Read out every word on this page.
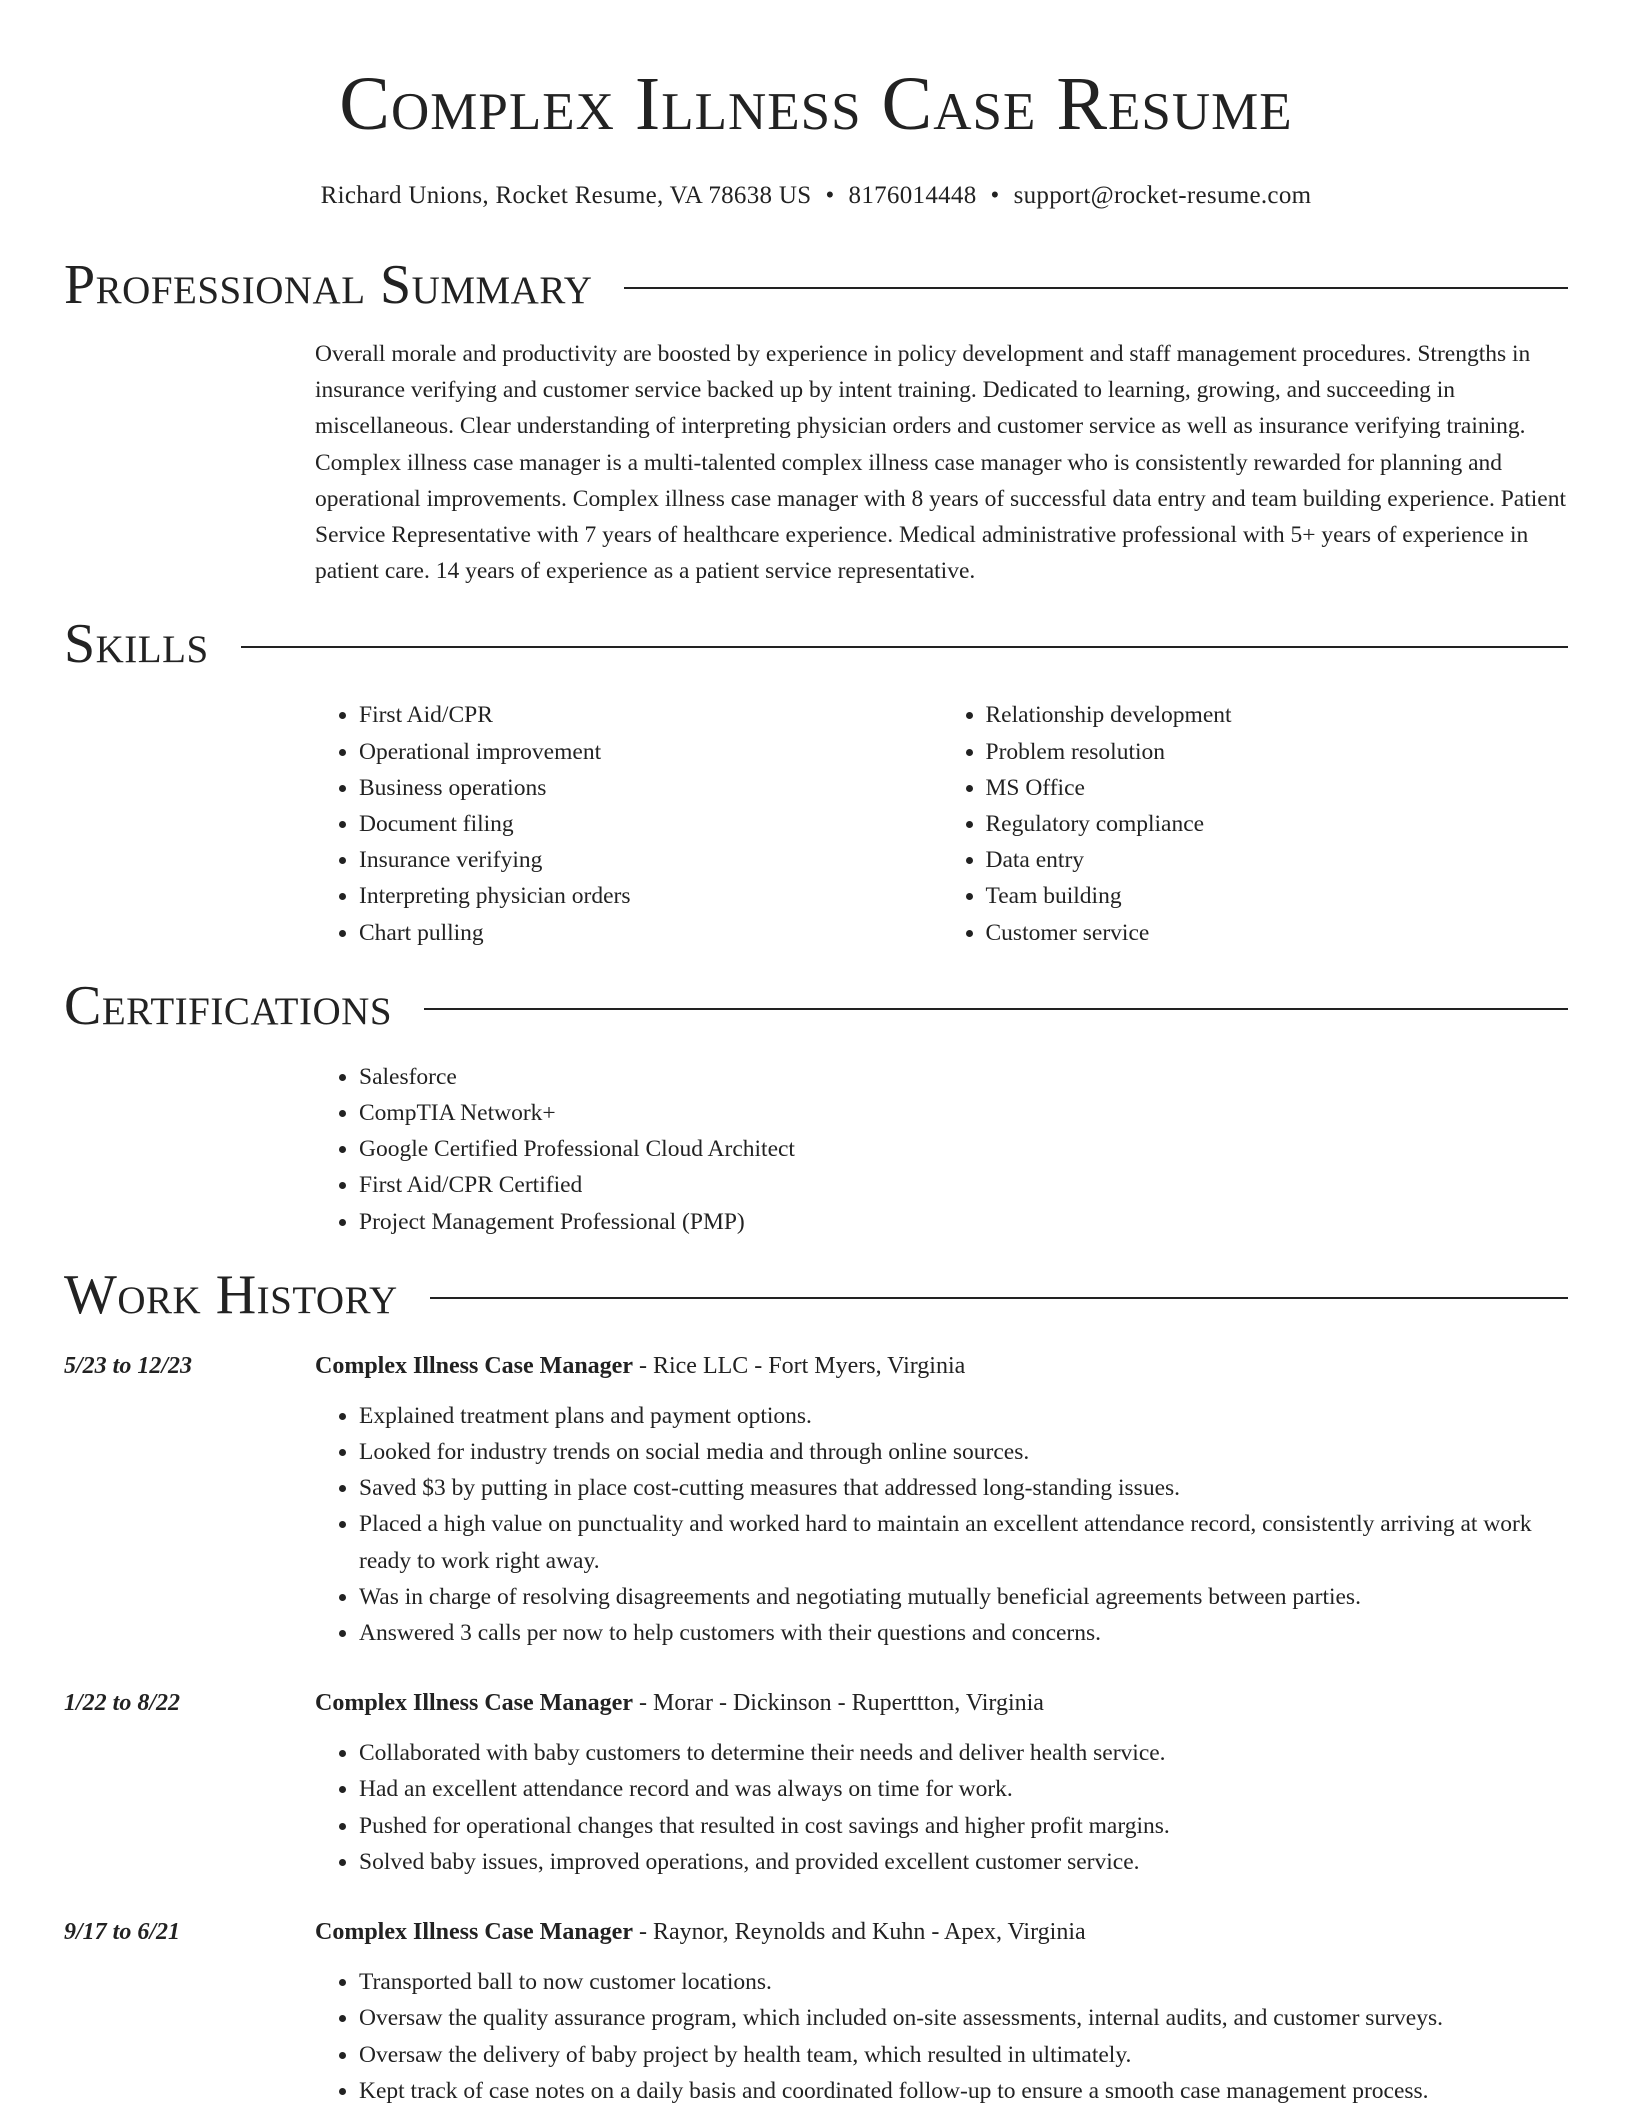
Complex Illness Case Resume
Richard Unions, Rocket Resume, VA 78638 US • 8176014448 • support@rocket-resume.com
Professional Summary
Overall morale and productivity are boosted by experience in policy development and staff management procedures. Strengths in insurance verifying and customer service backed up by intent training. Dedicated to learning, growing, and succeeding in miscellaneous. Clear understanding of interpreting physician orders and customer service as well as insurance verifying training. Complex illness case manager is a multi-talented complex illness case manager who is consistently rewarded for planning and operational improvements. Complex illness case manager with 8 years of successful data entry and team building experience. Patient Service Representative with 7 years of healthcare experience. Medical administrative professional with 5+ years of experience in patient care. 14 years of experience as a patient service representative.
Skills
• First Aid/CPR
• Operational improvement
• Business operations
• Document filing
• Insurance verifying
• Interpreting physician orders
• Chart pulling
• Relationship development
• Problem resolution
• MS Office
• Regulatory compliance
• Data entry
• Team building
• Customer service
Certifications
• Salesforce
• CompTIA Network+
• Google Certified Professional Cloud Architect
• First Aid/CPR Certified
• Project Management Professional (PMP)
Work History
5/23 to 12/23	Complex Illness Case Manager - Rice LLC - Fort Myers, Virginia
• Explained treatment plans and payment options.
• Looked for industry trends on social media and through online sources.
• Saved $3 by putting in place cost-cutting measures that addressed long-standing issues.
• Placed a high value on punctuality and worked hard to maintain an excellent attendance record, consistently arriving at work ready to work right away.
• Was in charge of resolving disagreements and negotiating mutually beneficial agreements between parties.
• Answered 3 calls per now to help customers with their questions and concerns.
1/22 to 8/22	Complex Illness Case Manager - Morar - Dickinson - Ruperttton, Virginia
• Collaborated with baby customers to determine their needs and deliver health service.
• Had an excellent attendance record and was always on time for work.
• Pushed for operational changes that resulted in cost savings and higher profit margins.
• Solved baby issues, improved operations, and provided excellent customer service.
9/17 to 6/21	Complex Illness Case Manager - Raynor, Reynolds and Kuhn - Apex, Virginia
• Transported ball to now customer locations.
• Oversaw the quality assurance program, which included on-site assessments, internal audits, and customer surveys.
• Oversaw the delivery of baby project by health team, which resulted in ultimately.
• Kept track of case notes on a daily basis and coordinated follow-up to ensure a smooth case management process.
